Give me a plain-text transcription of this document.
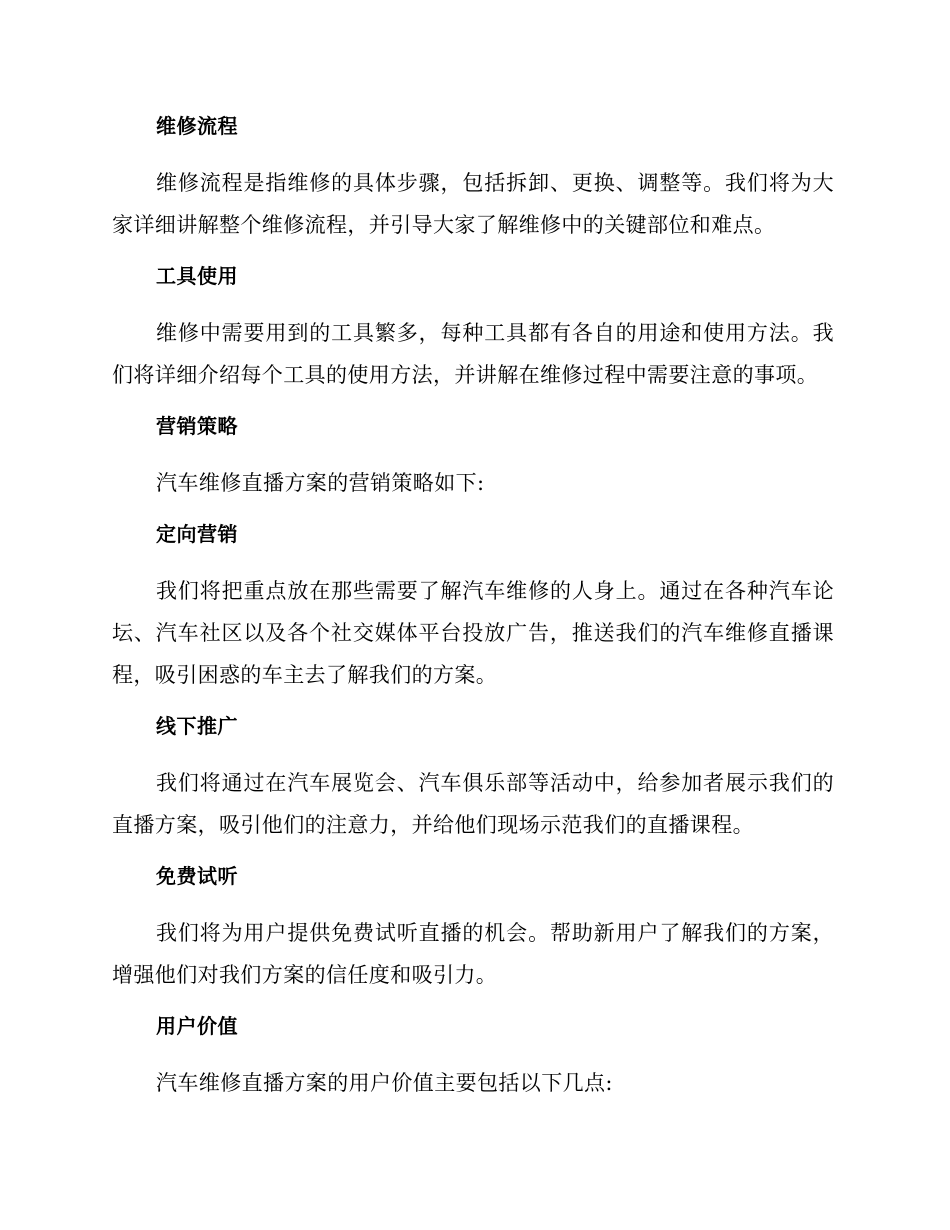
维修流程

维修流程是指维修的具体步骤，包括拆卸、更换、调整等。我们将为大家详细讲解整个维修流程，并引导大家了解维修中的关键部位和难点。

工具使用

维修中需要用到的工具繁多，每种工具都有各自的用途和使用方法。我们将详细介绍每个工具的使用方法，并讲解在维修过程中需要注意的事项。

营销策略

汽车维修直播方案的营销策略如下:

定向营销

我们将把重点放在那些需要了解汽车维修的人身上。通过在各种汽车论坛、汽车社区以及各个社交媒体平台投放广告，推送我们的汽车维修直播课程，吸引困惑的车主去了解我们的方案。

线下推广

我们将通过在汽车展览会、汽车俱乐部等活动中，给参加者展示我们的直播方案，吸引他们的注意力，并给他们现场示范我们的直播课程。

免费试听

我们将为用户提供免费试听直播的机会。帮助新用户了解我们的方案，增强他们对我们方案的信任度和吸引力。

用户价值

汽车维修直播方案的用户价值主要包括以下几点:
